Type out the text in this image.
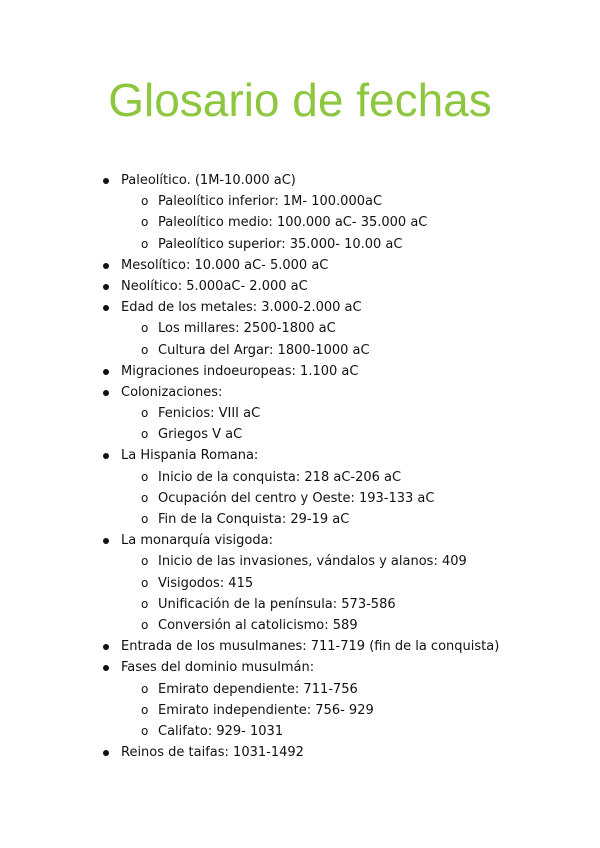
Glosario de fechas
Paleolítico. (1M-10.000 aC)
o Paleolítico inferior: 1M- 100.000aC
o Paleolítico medio: 100.000 aC- 35.000 aC
o Paleolítico superior: 35.000- 10.00 aC
Mesolítico: 10.000 aC- 5.000 aC
Neolítico: 5.000aC- 2.000 aC
Edad de los metales: 3.000-2.000 aC
o Los millares: 2500-1800 aC
o Cultura del Argar: 1800-1000 aC
Migraciones indoeuropeas: 1.100 aC
Colonizaciones:
o Fenicios: VIII aC
o Griegos V aC
La Hispania Romana:
o Inicio de la conquista: 218 aC-206 aC
o Ocupación del centro y Oeste: 193-133 aC
o Fin de la Conquista: 29-19 aC
La monarquía visigoda:
o Inicio de las invasiones, vándalos y alanos: 409
o Visigodos: 415
o Unificación de la península: 573-586
o Conversión al catolicismo: 589
Entrada de los musulmanes: 711-719 (fin de la conquista)
Fases del dominio musulmán:
o Emirato dependiente: 711-756
o Emirato independiente: 756- 929
o Califato: 929- 1031
Reinos de taifas: 1031-1492
